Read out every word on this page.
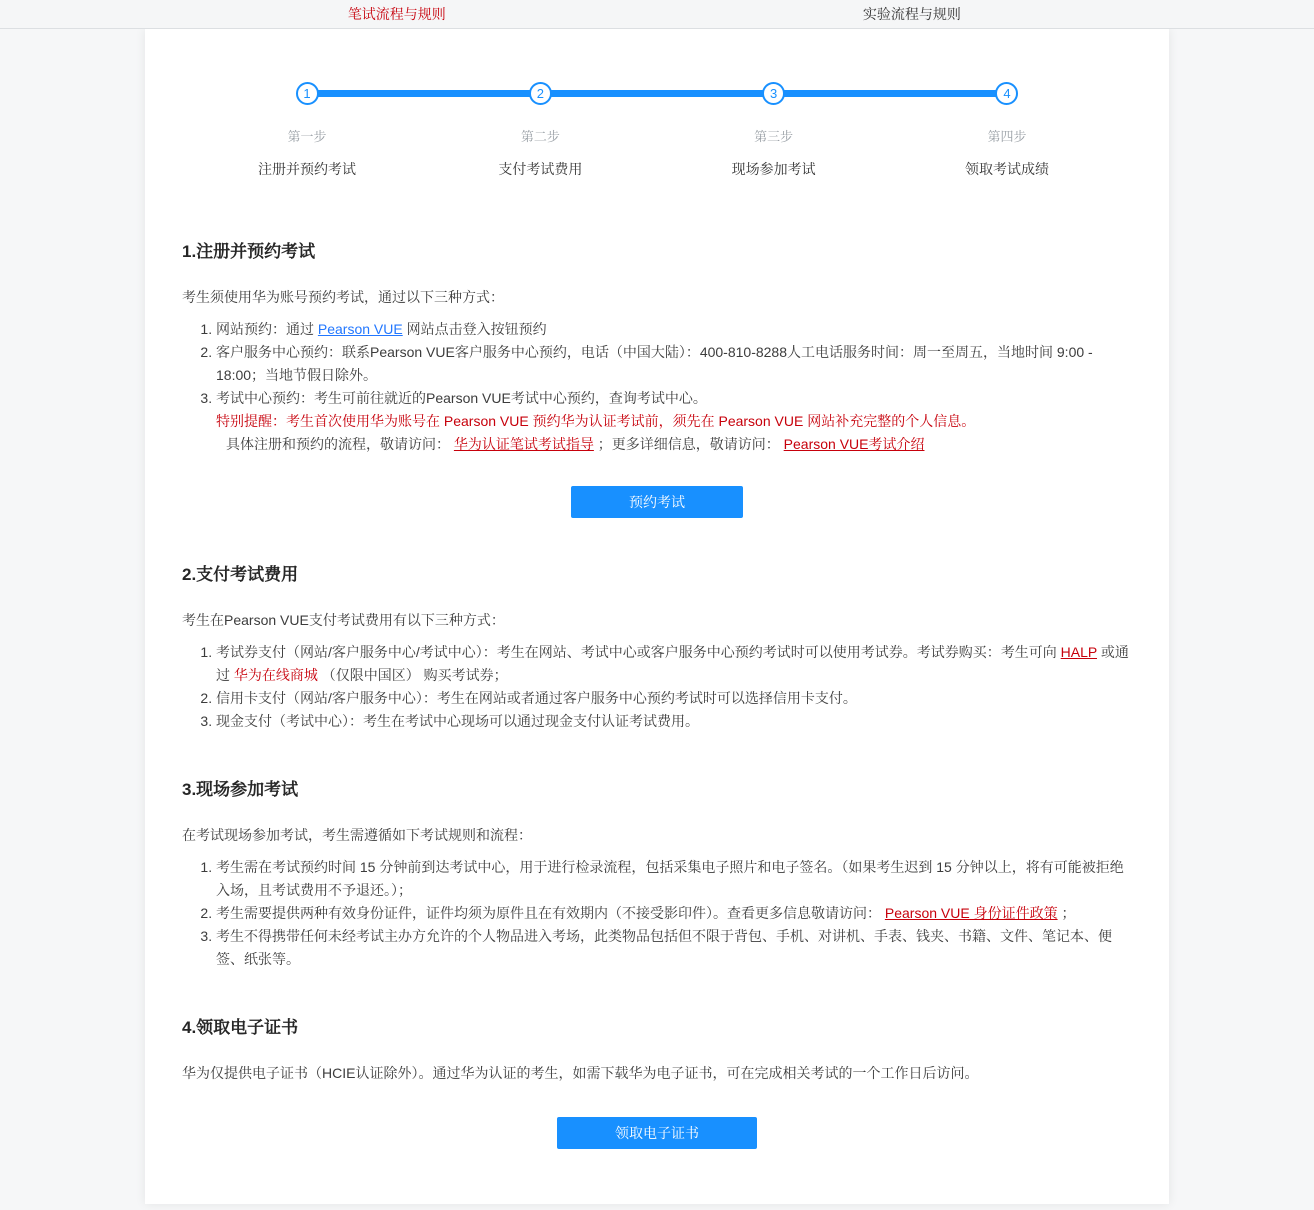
笔试流程与规则	实验流程与规则
1
第一步
注册并预约考试
2
第二步
支付考试费用
3
第三步
现场参加考试
4
第四步
领取考试成绩
1.注册并预约考试

考生须使用华为账号预约考试，通过以下三种方式：

1. 网站预约：通过 Pearson VUE 网站点击登入按钮预约
2. 客户服务中心预约：联系Pearson VUE客户服务中心预约，电话（中国大陆）：400-810-8288人工电话服务时间：周一至周五，当地时间 9:00 - 18:00；当地节假日除外。
3. 考试中心预约：考生可前往就近的Pearson VUE考试中心预约，查询考试中心。
特别提醒：考生首次使用华为账号在 Pearson VUE 预约华为认证考试前，须先在 Pearson VUE 网站补充完整的个人信息。
具体注册和预约的流程，敬请访问： 华为认证笔试考试指导 ；更多详细信息，敬请访问： Pearson VUE考试介绍
预约考试
2.支付考试费用

考生在Pearson VUE支付考试费用有以下三种方式：

1. 考试券支付（网站/客户服务中心/考试中心）：考生在网站、考试中心或客户服务中心预约考试时可以使用考试券。考试券购买：考生可向 HALP 或通过 华为在线商城 （仅限中国区） 购买考试券；
2. 信用卡支付（网站/客户服务中心）：考生在网站或者通过客户服务中心预约考试时可以选择信用卡支付。
3. 现金支付（考试中心）：考生在考试中心现场可以通过现金支付认证考试费用。
3.现场参加考试

在考试现场参加考试，考生需遵循如下考试规则和流程：

1. 考生需在考试预约时间 15 分钟前到达考试中心，用于进行检录流程，包括采集电子照片和电子签名。（如果考生迟到 15 分钟以上，将有可能被拒绝入场，且考试费用不予退还。）；
2. 考生需要提供两种有效身份证件，证件均须为原件且在有效期内（不接受影印件）。查看更多信息敬请访问： Pearson VUE 身份证件政策 ；
3. 考生不得携带任何未经考试主办方允许的个人物品进入考场，此类物品包括但不限于背包、手机、对讲机、手表、钱夹、书籍、文件、笔记本、便签、纸张等。
4.领取电子证书

华为仅提供电子证书（HCIE认证除外）。通过华为认证的考生，如需下载华为电子证书，可在完成相关考试的一个工作日后访问。

领取电子证书
